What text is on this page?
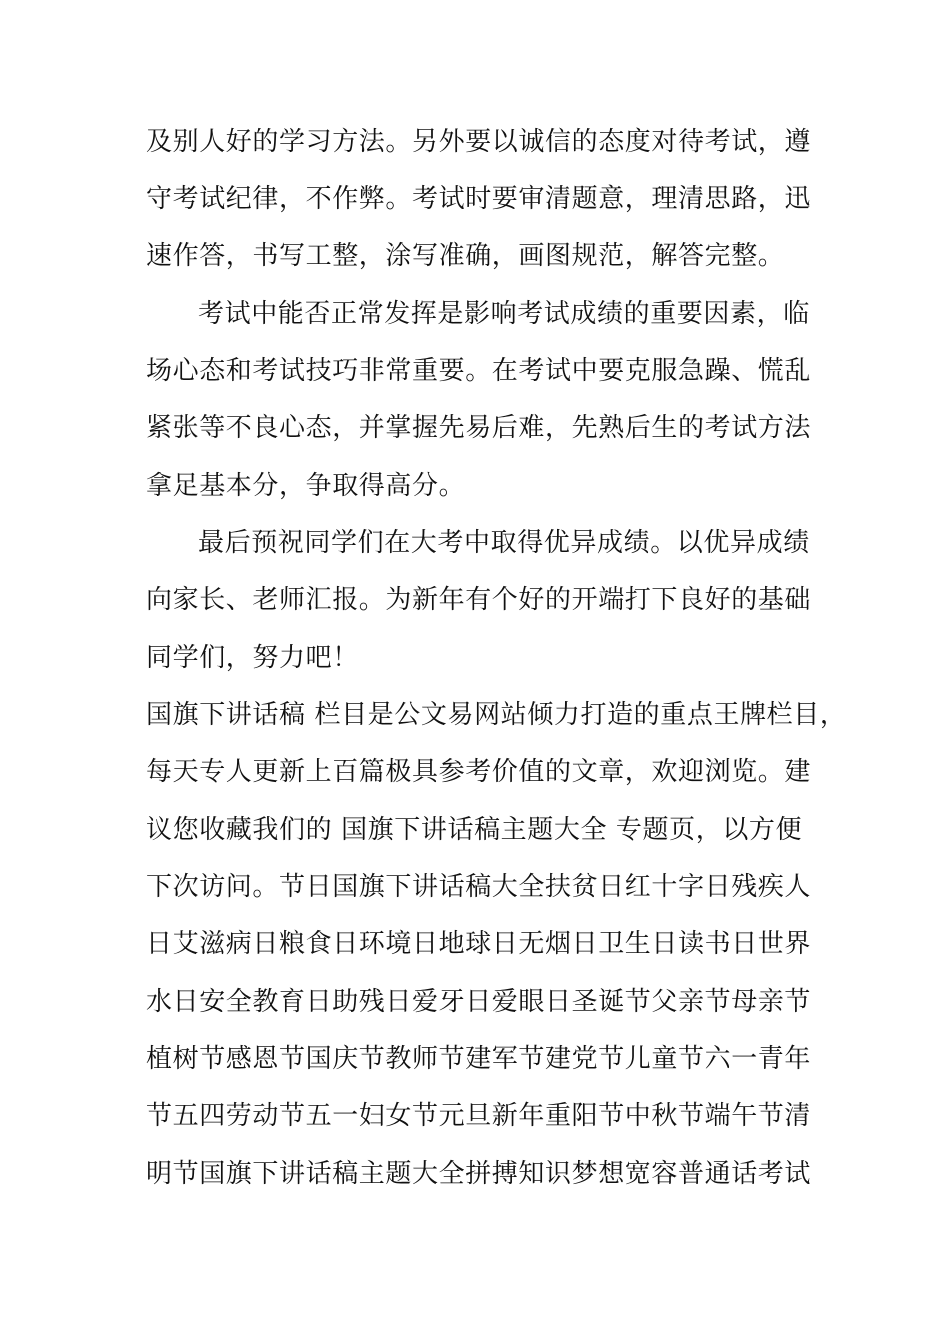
及别人好的学习方法。另外要以诚信的态度对待考试，遵
守考试纪律，不作弊。考试时要审清题意，理清思路，迅
速作答，书写工整，涂写准确，画图规范，解答完整。
考试中能否正常发挥是影响考试成绩的重要因素，临
场心态和考试技巧非常重要。在考试中要克服急躁、慌乱
紧张等不良心态，并掌握先易后难，先熟后生的考试方法
拿足基本分，争取得高分。
最后预祝同学们在大考中取得优异成绩。以优异成绩
向家长、老师汇报。为新年有个好的开端打下良好的基础
同学们，努力吧！
国旗下讲话稿 栏目是公文易网站倾力打造的重点王牌栏目，
每天专人更新上百篇极具参考价值的文章，欢迎浏览。建
议您收藏我们的 国旗下讲话稿主题大全 专题页，以方便
下次访问。节日国旗下讲话稿大全扶贫日红十字日残疾人
日艾滋病日粮食日环境日地球日无烟日卫生日读书日世界
水日安全教育日助残日爱牙日爱眼日圣诞节父亲节母亲节
植树节感恩节国庆节教师节建军节建党节儿童节六一青年
节五四劳动节五一妇女节元旦新年重阳节中秋节端午节清
明节国旗下讲话稿主题大全拼搏知识梦想宽容普通话考试
